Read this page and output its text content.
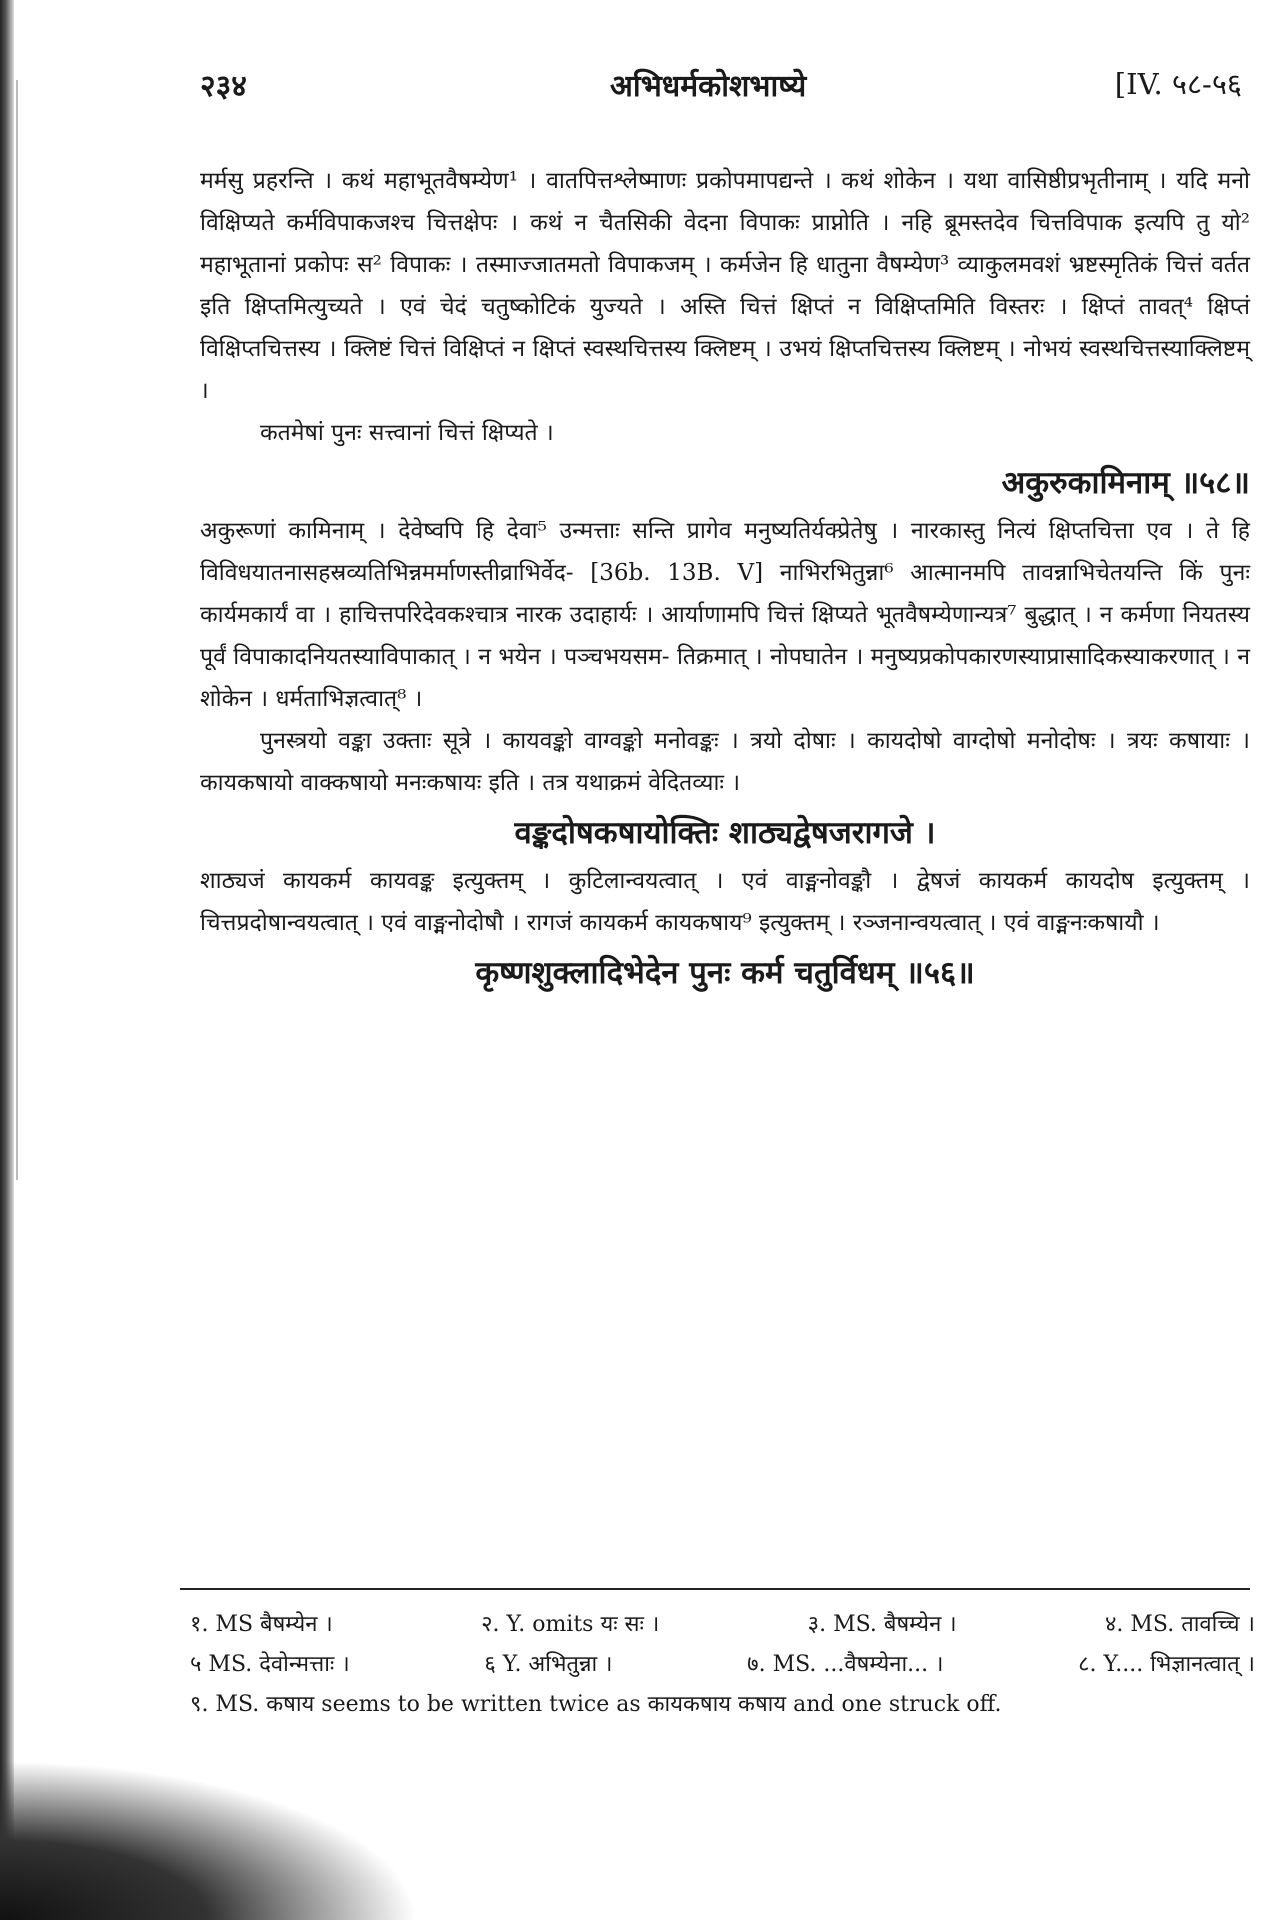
२३४	अभिधर्मकोशभाष्ये	[IV. ५८-५६

मर्मसु प्रहरन्ति । कथं महाभूतवैषम्येण¹ । वातपित्तश्लेष्माणः प्रकोपमापद्यन्ते । कथं शोकेन । यथा वासिष्ठीप्रभृतीनाम् । यदि मनो विक्षिप्यते कर्मविपाकजश्च चित्तक्षेपः । कथं न चैतसिकी वेदना विपाकः प्राप्नोति । नहि ब्रूमस्तदेव चित्तविपाक इत्यपि तु यो² महाभूतानां प्रकोपः स² विपाकः । तस्माज्जातमतो विपाकजम् । कर्मजेन हि धातुना वैषम्येण³ व्याकुलमवशं भ्रष्टस्मृतिकं चित्तं वर्तत इति क्षिप्तमित्युच्यते । एवं चेदं चतुष्कोटिकं युज्यते । अस्ति चित्तं क्षिप्तं न विक्षिप्तमिति विस्तरः । क्षिप्तं तावत्⁴ क्षिप्तं विक्षिप्तचित्तस्य । क्लिष्टं चित्तं विक्षिप्तं न क्षिप्तं स्वस्थचित्तस्य क्लिष्टम् । उभयं क्षिप्तचित्तस्य क्लिष्टम् । नोभयं स्वस्थचित्तस्याक्लिष्टम् ।

कतमेषां पुनः सत्त्वानां चित्तं क्षिप्यते ।

अकुरुकामिनाम् ॥५८॥

अकुरूणां कामिनाम् । देवेष्वपि हि देवा⁵ उन्मत्ताः सन्ति प्रागेव मनुष्यतिर्यक्प्रेतेषु । नारकास्तु नित्यं क्षिप्तचित्ता एव । ते हि विविधयातनासहस्रव्यतिभिन्नमर्माणस्तीव्राभिर्वेद- [36b. 13B. V] नाभिरभितुन्ना⁶ आत्मानमपि तावन्नाभिचेतयन्ति किं पुनः कार्यमकार्यं वा । हाचित्तपरिदेवकश्चात्र नारक उदाहार्यः । आर्याणामपि चित्तं क्षिप्यते भूतवैषम्येणान्यत्र⁷ बुद्धात् । न कर्मणा नियतस्य पूर्वं विपाकादनियतस्याविपाकात् । न भयेन । पञ्चभयसम- तिक्रमात् । नोपघातेन । मनुष्यप्रकोपकारणस्याप्रासादिकस्याकरणात् । न शोकेन । धर्मताभिज्ञत्वात्⁸ ।

पुनस्त्रयो वङ्का उक्ताः सूत्रे । कायवङ्को वाग्वङ्को मनोवङ्कः । त्रयो दोषाः । कायदोषो वाग्दोषो मनोदोषः । त्रयः कषायाः । कायकषायो वाक्कषायो मनःकषायः इति । तत्र यथाक्रमं वेदितव्याः ।

वङ्कदोषकषायोक्तिः शाठ्यद्वेषजरागजे ।

शाठ्यजं कायकर्म कायवङ्क इत्युक्तम् । कुटिलान्वयत्वात् । एवं वाङ्मनोवङ्कौ । द्वेषजं कायकर्म कायदोष इत्युक्तम् । चित्तप्रदोषान्वयत्वात् । एवं वाङ्मनोदोषौ । रागजं कायकर्म कायकषाय⁹ इत्युक्तम् । रञ्जनान्वयत्वात् । एवं वाङ्मनःकषायौ ।

कृष्णशुक्लादिभेदेन पुनः कर्म चतुर्विधम् ॥५६॥
१. MS बैषम्येन ।	२. Y. omits यः सः ।	३. MS. बैषम्येन ।	४. MS. तावच्चि ।
५ MS. देवोन्मत्ताः ।	६ Y. अभितुन्ना ।	७. MS. ...वैषम्येना... ।	८. Y.... भिज्ञानत्वात् ।
९. MS. कषाय seems to be written twice as कायकषाय कषाय and one struck off.
